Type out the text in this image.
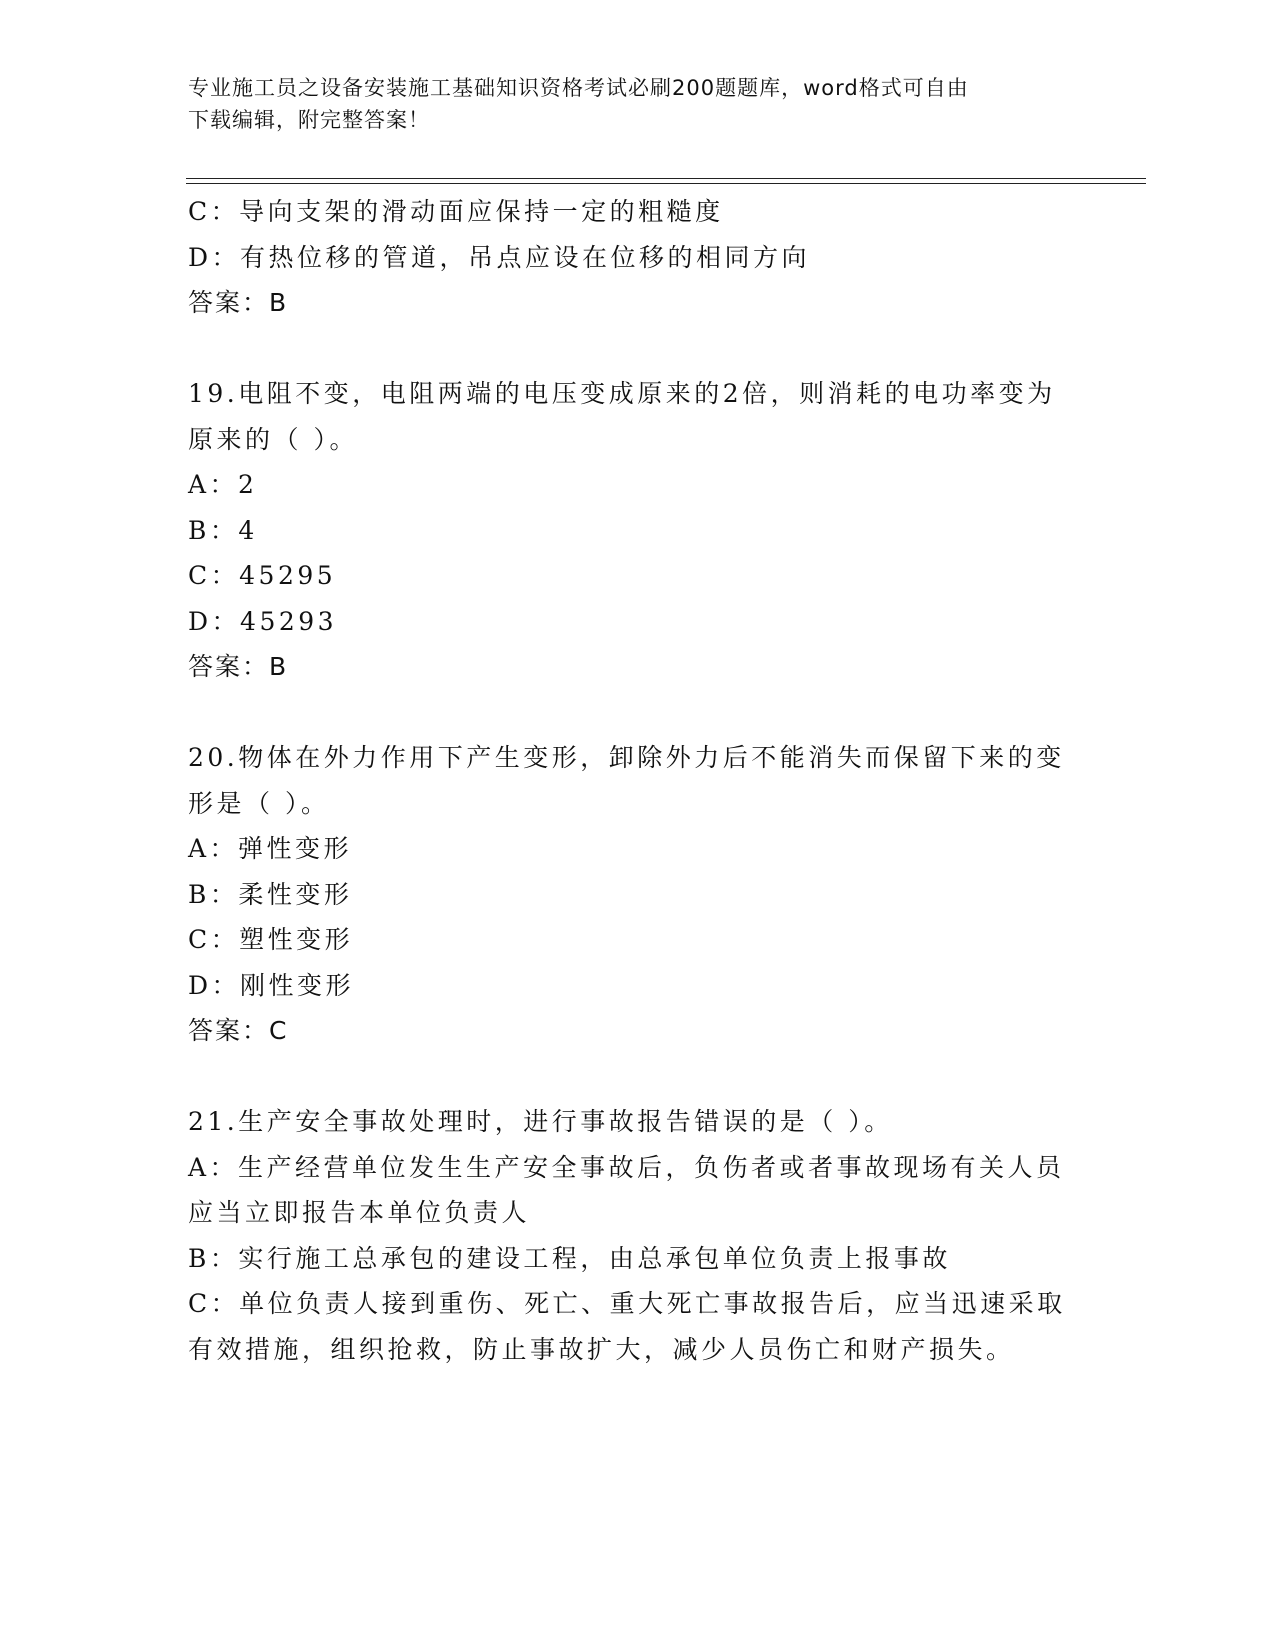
专业施工员之设备安装施工基础知识资格考试必刷200题题库，word格式可自由
下载编辑，附完整答案！
C：导向支架的滑动面应保持一定的粗糙度
D：有热位移的管道，吊点应设在位移的相同方向
答案：B
19.电阻不变，电阻两端的电压变成原来的2倍，则消耗的电功率变为
原来的（ ）。
A：2
B：4
C：45295
D：45293
答案：B
20.物体在外力作用下产生变形，卸除外力后不能消失而保留下来的变
形是（ ）。
A：弹性变形
B：柔性变形
C：塑性变形
D：刚性变形
答案：C
21.生产安全事故处理时，进行事故报告错误的是（ ）。
A：生产经营单位发生生产安全事故后，负伤者或者事故现场有关人员
应当立即报告本单位负责人
B：实行施工总承包的建设工程，由总承包单位负责上报事故
C：单位负责人接到重伤、死亡、重大死亡事故报告后，应当迅速采取
有效措施，组织抢救，防止事故扩大，减少人员伤亡和财产损失。
